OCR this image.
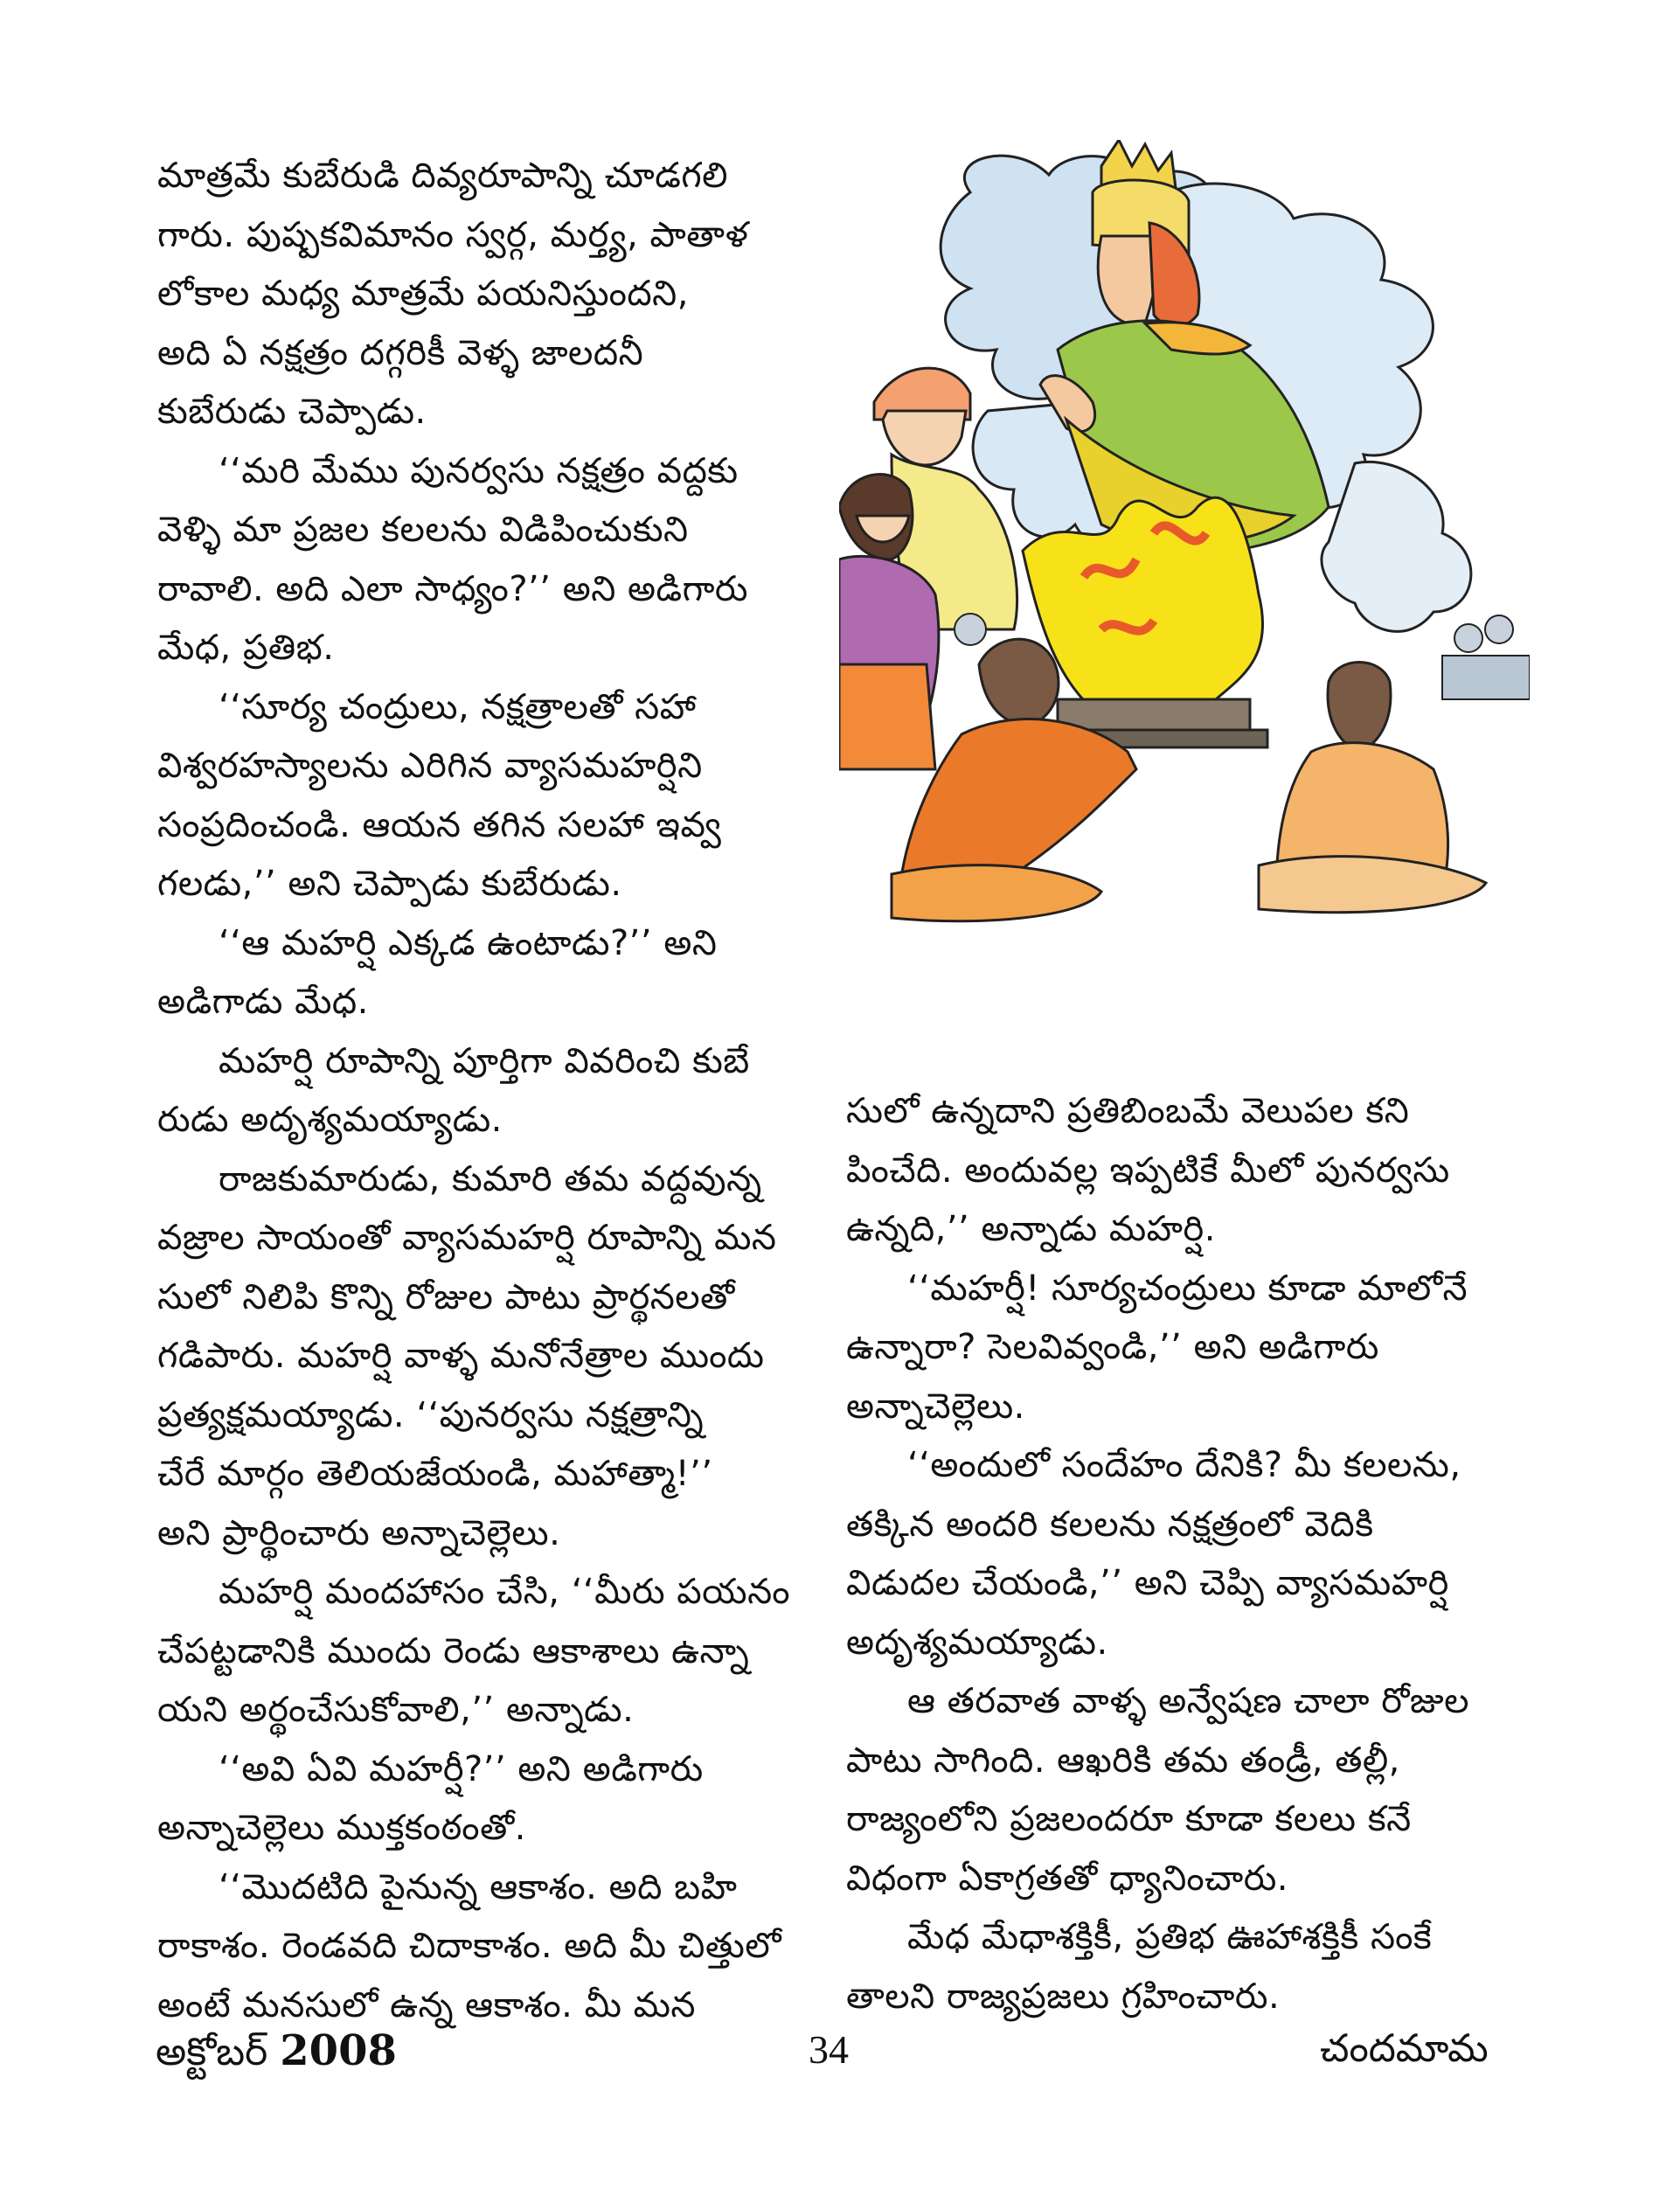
మాత్రమే కుబేరుడి దివ్యరూపాన్ని చూడగలి
గారు. పుష్పకవిమానం స్వర్గ, మర్త్య, పాతాళ
లోకాల మధ్య మాత్రమే పయనిస్తుందని,
అది ఏ నక్షత్రం దగ్గరికీ వెళ్ళ జాలదనీ
కుబేరుడు చెప్పాడు.
‘‘మరి మేము పునర్వసు నక్షత్రం వద్దకు
వెళ్ళి మా ప్రజల కలలను విడిపించుకుని
రావాలి. అది ఎలా సాధ్యం?’’ అని అడిగారు
మేధ, ప్రతిభ.
‘‘సూర్య చంద్రులు, నక్షత్రాలతో సహా
విశ్వరహస్యాలను ఎరిగిన వ్యాసమహర్షిని
సంప్రదించండి. ఆయన తగిన సలహా ఇవ్వ
గలడు,’’ అని చెప్పాడు కుబేరుడు.
‘‘ఆ మహర్షి ఎక్కడ ఉంటాడు?’’ అని
అడిగాడు మేధ.
మహర్షి రూపాన్ని పూర్తిగా వివరించి కుబే
రుడు అదృశ్యమయ్యాడు.
రాజకుమారుడు, కుమారి తమ వద్దవున్న
వజ్రాల సాయంతో వ్యాసమహర్షి రూపాన్ని మన
సులో నిలిపి కొన్ని రోజుల పాటు ప్రార్థనలతో
గడిపారు. మహర్షి వాళ్ళ మనోనేత్రాల ముందు
ప్రత్యక్షమయ్యాడు. ‘‘పునర్వసు నక్షత్రాన్ని
చేరే మార్గం తెలియజేయండి, మహాత్మా!’’
అని ప్రార్థించారు అన్నాచెల్లెలు.
మహర్షి మందహాసం చేసి, ‘‘మీరు పయనం
చేపట్టడానికి ముందు రెండు ఆకాశాలు ఉన్నా
యని అర్థంచేసుకోవాలి,’’ అన్నాడు.
‘‘అవి ఏవి మహర్షీ?’’ అని అడిగారు
అన్నాచెల్లెలు ముక్తకంఠంతో.
‘‘మొదటిది పైనున్న ఆకాశం. అది బహి
రాకాశం. రెండవది చిదాకాశం. అది మీ చిత్తులో
అంటే మనసులో ఉన్న ఆకాశం. మీ మన
సులో ఉన్నదాని ప్రతిబింబమే వెలుపల కని
పించేది. అందువల్ల ఇప్పటికే మీలో పునర్వసు
ఉన్నది,’’ అన్నాడు మహర్షి.
‘‘మహర్షీ! సూర్యచంద్రులు కూడా మాలోనే
ఉన్నారా? సెలవివ్వండి,’’ అని అడిగారు
అన్నాచెల్లెలు.
‘‘అందులో సందేహం దేనికి? మీ కలలను,
తక్కిన అందరి కలలను నక్షత్రంలో వెదికి
విడుదల చేయండి,’’ అని చెప్పి వ్యాసమహర్షి
అదృశ్యమయ్యాడు.
ఆ తరవాత వాళ్ళ అన్వేషణ చాలా రోజుల
పాటు సాగింది. ఆఖరికి తమ తండ్రీ, తల్లీ,
రాజ్యంలోని ప్రజలందరూ కూడా కలలు కనే
విధంగా ఏకాగ్రతతో ధ్యానించారు.
మేధ మేధాశక్తికీ, ప్రతిభ ఊహాశక్తికీ సంకే
తాలని రాజ్యప్రజలు గ్రహించారు.
అక్టోబర్ 2008	34	చందమామ
